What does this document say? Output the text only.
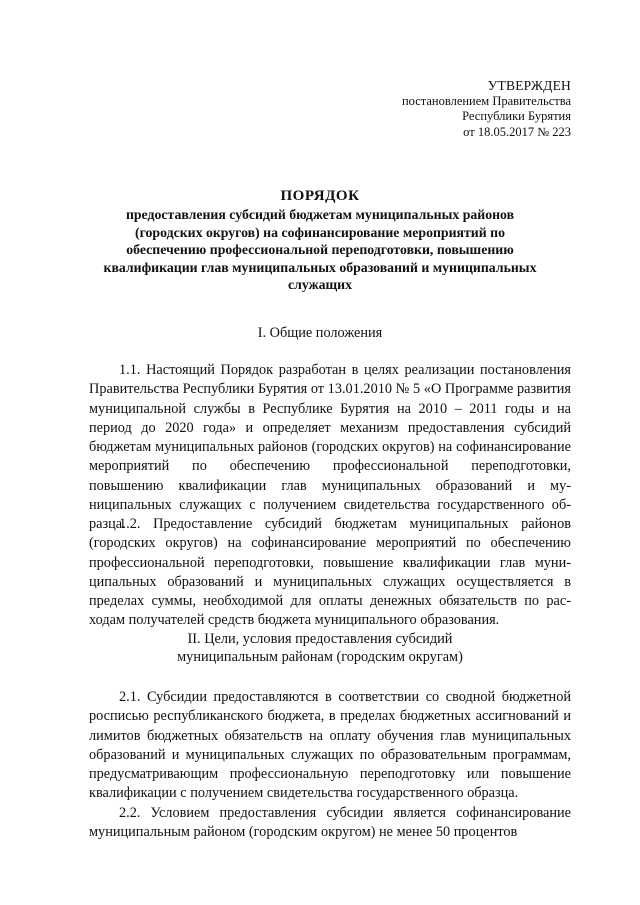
УТВЕРЖДЕН
постановлением Правительства
Республики Бурятия
от 18.05.2017 № 223
ПОРЯДОК
предоставления субсидий бюджетам муниципальных районов (городских округов) на софинансирование мероприятий по обеспечению профессиональной переподготовки, повышению квалификации глав муниципальных образований и муниципальных служащих
I. Общие положения
1.1. Настоящий Порядок разработан в целях реализации постановления Правительства Республики Бурятия от 13.01.2010 № 5 «О Программе развития муниципальной службы в Республике Бурятия на 2010 – 2011 годы и на период до 2020 года» и определяет механизм предоставления субсидий бюджетам муниципальных районов (городских округов) на софинансирование мероприятий по обеспечению профессиональной переподготовки, повышению квалификации глав муниципальных образований и муниципальных служащих с получением свидетельства государственного образца.
1.2. Предоставление субсидий бюджетам муниципальных районов (городских округов) на софинансирование мероприятий по обеспечению профессиональной переподготовки, повышение квалификации глав муниципальных образований и муниципальных служащих осуществляется в пределах суммы, необходимой для оплаты денежных обязательств по расходам получателей средств бюджета муниципального образования.
II. Цели, условия предоставления субсидий
муниципальным районам (городским округам)
2.1. Субсидии предоставляются в соответствии со сводной бюджетной росписью республиканского бюджета, в пределах бюджетных ассигнований и лимитов бюджетных обязательств на оплату обучения глав муниципальных образований и муниципальных служащих по образовательным программам, предусматривающим профессиональную переподготовку или повышение квалификации с получением свидетельства государственного образца.
2.2. Условием предоставления субсидии является софинансирование муниципальным районом (городским округом) не менее 50 процентов
